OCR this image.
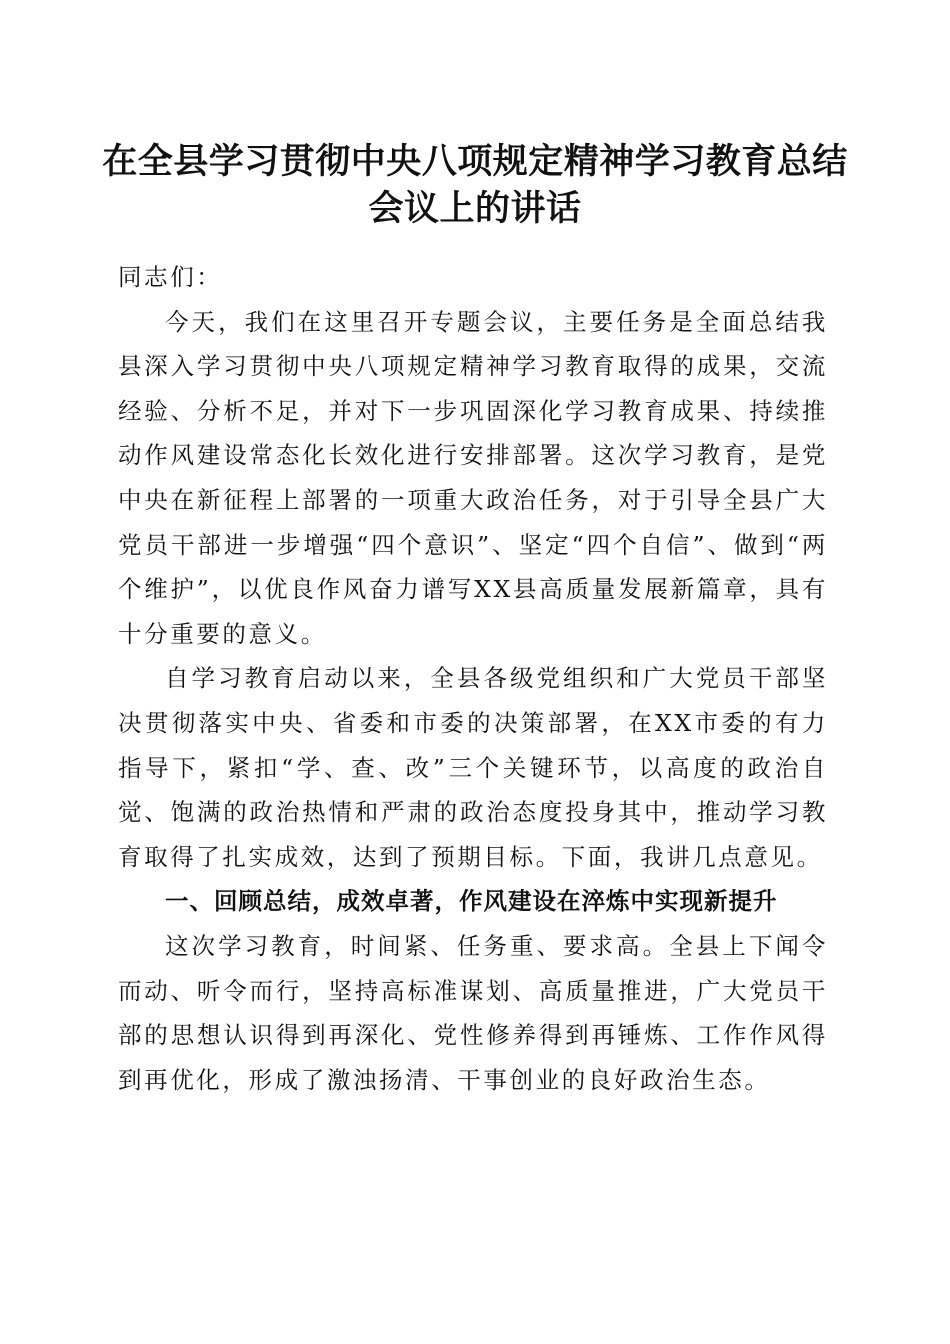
在全县学习贯彻中央八项规定精神学习教育总结会议上的讲话

同志们：

今天，我们在这里召开专题会议，主要任务是全面总结我县深入学习贯彻中央八项规定精神学习教育取得的成果，交流经验、分析不足，并对下一步巩固深化学习教育成果、持续推动作风建设常态化长效化进行安排部署。这次学习教育，是党中央在新征程上部署的一项重大政治任务，对于引导全县广大党员干部进一步增强“四个意识”、坚定“四个自信”、做到“两个维护”，以优良作风奋力谱写XX县高质量发展新篇章，具有十分重要的意义。

自学习教育启动以来，全县各级党组织和广大党员干部坚决贯彻落实中央、省委和市委的决策部署，在XX市委的有力指导下，紧扣“学、查、改”三个关键环节，以高度的政治自觉、饱满的政治热情和严肃的政治态度投身其中，推动学习教育取得了扎实成效，达到了预期目标。下面，我讲几点意见。

一、回顾总结，成效卓著，作风建设在淬炼中实现新提升

这次学习教育，时间紧、任务重、要求高。全县上下闻令而动、听令而行，坚持高标准谋划、高质量推进，广大党员干部的思想认识得到再深化、党性修养得到再锤炼、工作作风得到再优化，形成了激浊扬清、干事创业的良好政治生态。
